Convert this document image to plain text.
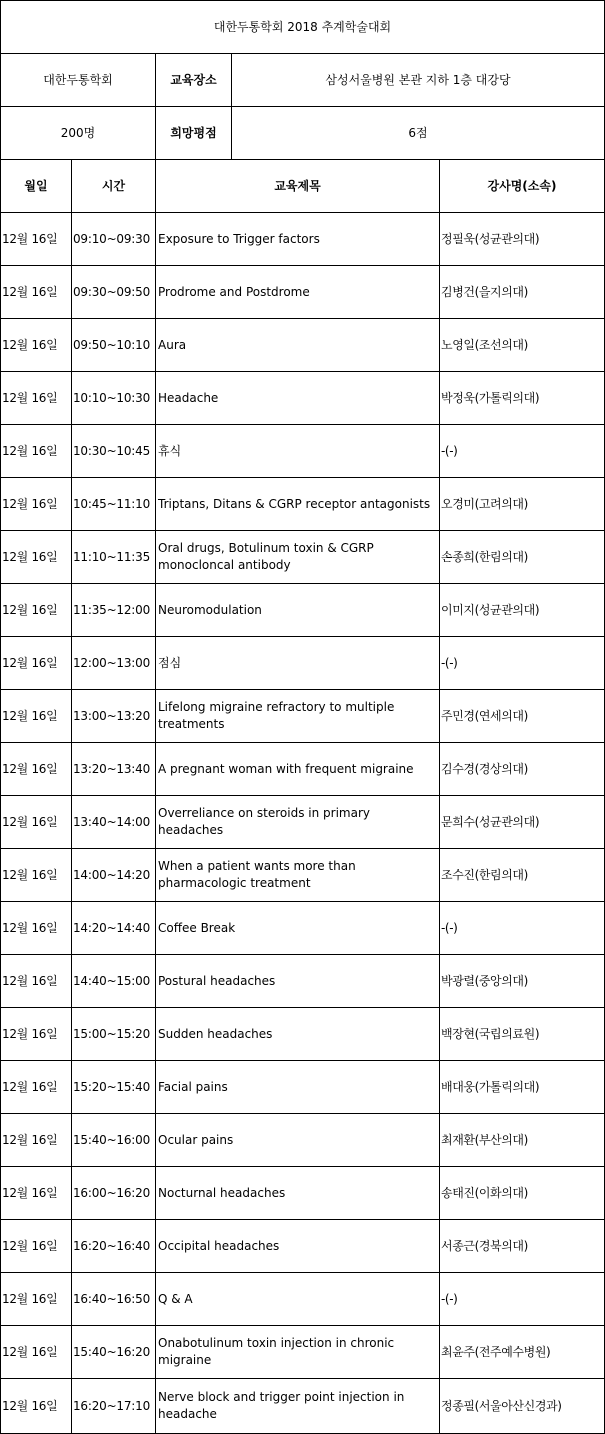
대한두통학회 2018 추계학술대회				
대한두통학회		교육장소	삼성서울병원 본관 지하 1층 대강당	
200명		희망평점	6점	
월일	시간	교육제목		강사명(소속)
12월 16일	09:10~09:30	Exposure to Trigger factors		정필욱(성균관의대)
12월 16일	09:30~09:50	Prodrome and Postdrome		김병건(을지의대)
12월 16일	09:50~10:10	Aura		노영일(조선의대)
12월 16일	10:10~10:30	Headache		박정욱(가톨릭의대)
12월 16일	10:30~10:45	휴식		-(-)
12월 16일	10:45~11:10	Triptans, Ditans & CGRP receptor antagonists		오경미(고려의대)
12월 16일	11:10~11:35	Oral drugs, Botulinum toxin & CGRP monocloncal antibody		손종희(한림의대)
12월 16일	11:35~12:00	Neuromodulation		이미지(성균관의대)
12월 16일	12:00~13:00	점심		-(-)
12월 16일	13:00~13:20	Lifelong migraine refractory to multiple treatments		주민경(연세의대)
12월 16일	13:20~13:40	A pregnant woman with frequent migraine		김수경(경상의대)
12월 16일	13:40~14:00	Overreliance on steroids in primary headaches		문희수(성균관의대)
12월 16일	14:00~14:20	When a patient wants more than pharmacologic treatment		조수진(한림의대)
12월 16일	14:20~14:40	Coffee Break		-(-)
12월 16일	14:40~15:00	Postural headaches		박광렬(중앙의대)
12월 16일	15:00~15:20	Sudden headaches		백장현(국립의료원)
12월 16일	15:20~15:40	Facial pains		배대웅(가톨릭의대)
12월 16일	15:40~16:00	Ocular pains		최재환(부산의대)
12월 16일	16:00~16:20	Nocturnal headaches		송태진(이화의대)
12월 16일	16:20~16:40	Occipital headaches		서종근(경북의대)
12월 16일	16:40~16:50	Q & A		-(-)
12월 16일	15:40~16:20	Onabotulinum toxin injection in chronic migraine		최윤주(전주예수병원)
12월 16일	16:20~17:10	Nerve block and trigger point injection in headache		정종필(서울아산신경과)
